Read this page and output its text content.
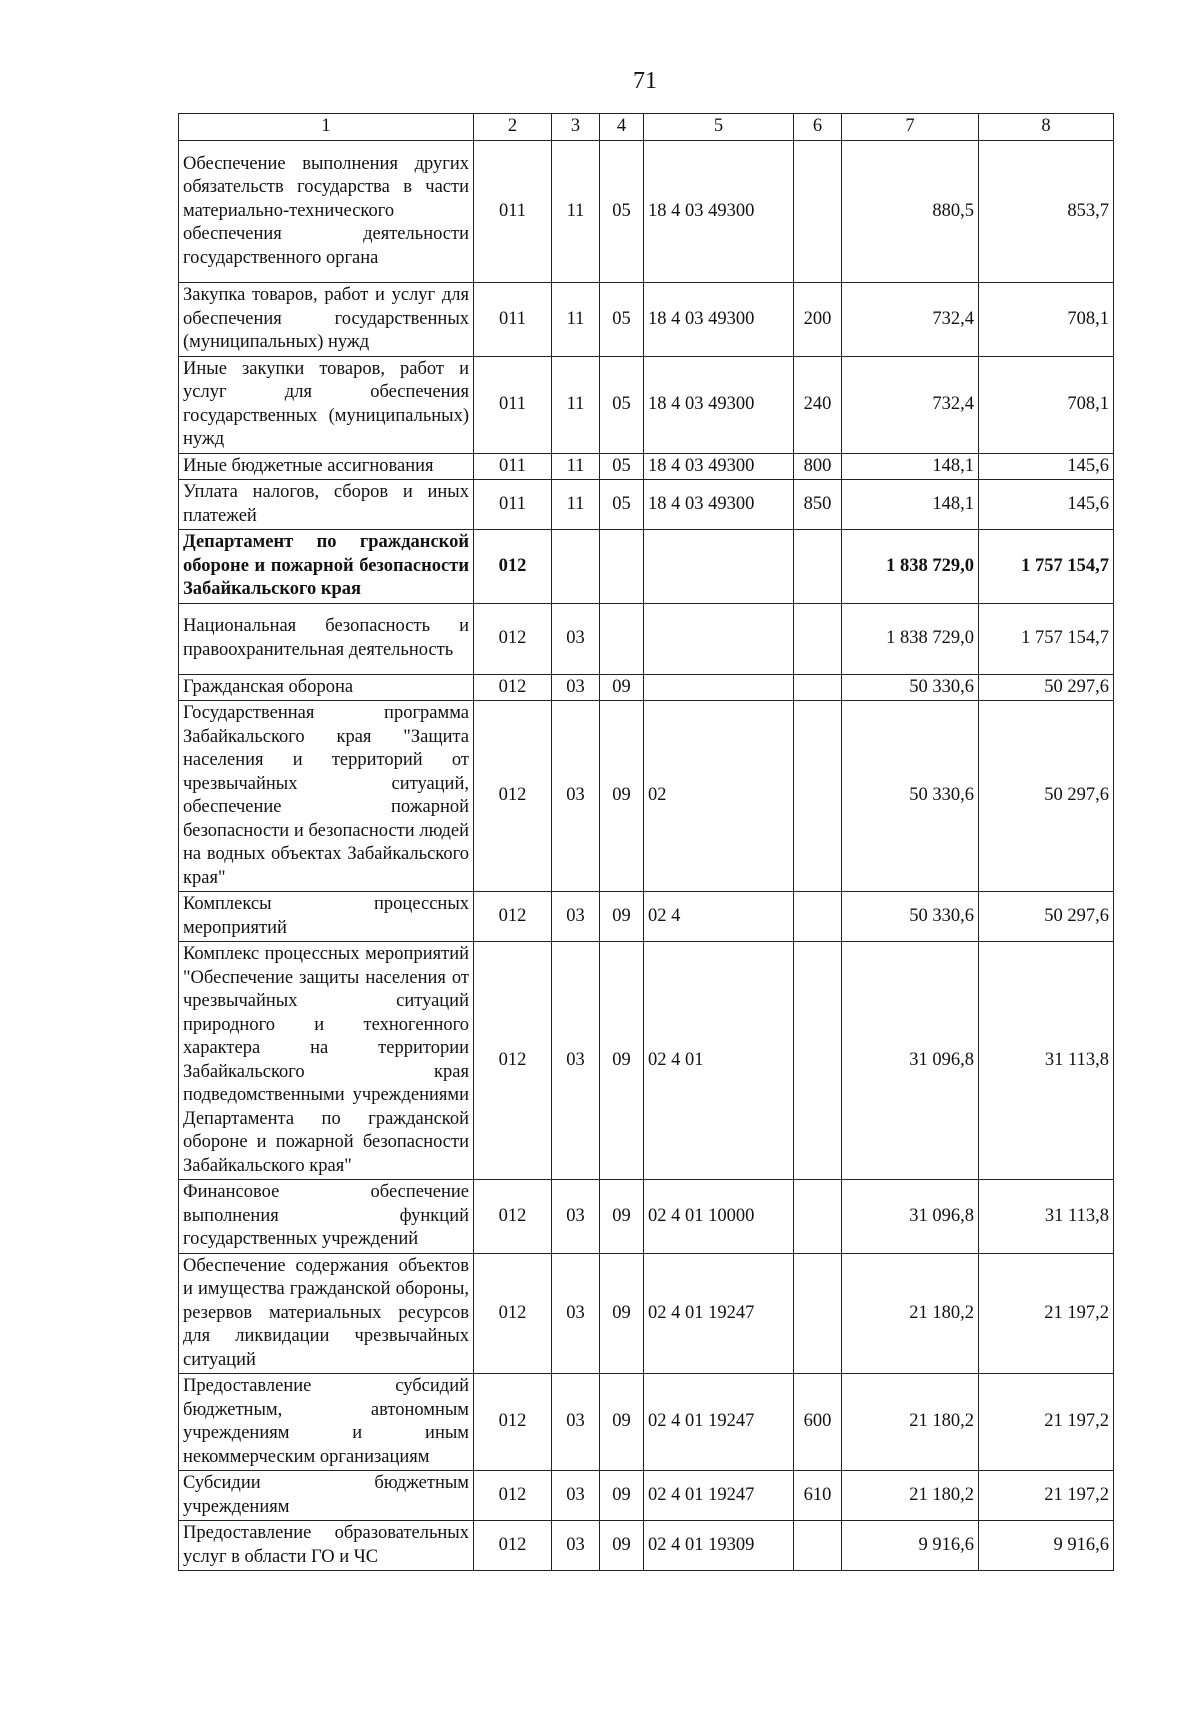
71
1	2	3	4	5	6	7	8
Обеспечение выполнения других обязательств государства в части материально-технического обеспечения деятельности государственного органа	011	11	05	18 4 03 49300		880,5	853,7
Закупка товаров, работ и услуг для обеспечения государственных (муниципальных) нужд	011	11	05	18 4 03 49300	200	732,4	708,1
Иные закупки товаров, работ и услуг для обеспечения государственных (муниципальных) нужд	011	11	05	18 4 03 49300	240	732,4	708,1
Иные бюджетные ассигнования	011	11	05	18 4 03 49300	800	148,1	145,6
Уплата налогов, сборов и иных платежей	011	11	05	18 4 03 49300	850	148,1	145,6
Департамент по гражданской обороне и пожарной безопасности Забайкальского края	012					1 838 729,0	1 757 154,7
Национальная безопасность и правоохранительная деятельность	012	03				1 838 729,0	1 757 154,7
Гражданская оборона	012	03	09			50 330,6	50 297,6
Государственная программа Забайкальского края "Защита населения и территорий от чрезвычайных ситуаций, обеспечение пожарной безопасности и безопасности людей на водных объектах Забайкальского края"	012	03	09	02		50 330,6	50 297,6
Комплексы процессных мероприятий	012	03	09	02 4		50 330,6	50 297,6
Комплекс процессных мероприятий "Обеспечение защиты населения от чрезвычайных ситуаций природного и техногенного характера на территории Забайкальского края подведомственными учреждениями Департамента по гражданской обороне и пожарной безопасности Забайкальского края"	012	03	09	02 4 01		31 096,8	31 113,8
Финансовое обеспечение выполнения функций государственных учреждений	012	03	09	02 4 01 10000		31 096,8	31 113,8
Обеспечение содержания объектов и имущества гражданской обороны, резервов материальных ресурсов для ликвидации чрезвычайных ситуаций	012	03	09	02 4 01 19247		21 180,2	21 197,2
Предоставление субсидий бюджетным, автономным учреждениям и иным некоммерческим организациям	012	03	09	02 4 01 19247	600	21 180,2	21 197,2
Субсидии бюджетным учреждениям	012	03	09	02 4 01 19247	610	21 180,2	21 197,2
Предоставление образовательных услуг в области ГО и ЧС	012	03	09	02 4 01 19309		9 916,6	9 916,6
